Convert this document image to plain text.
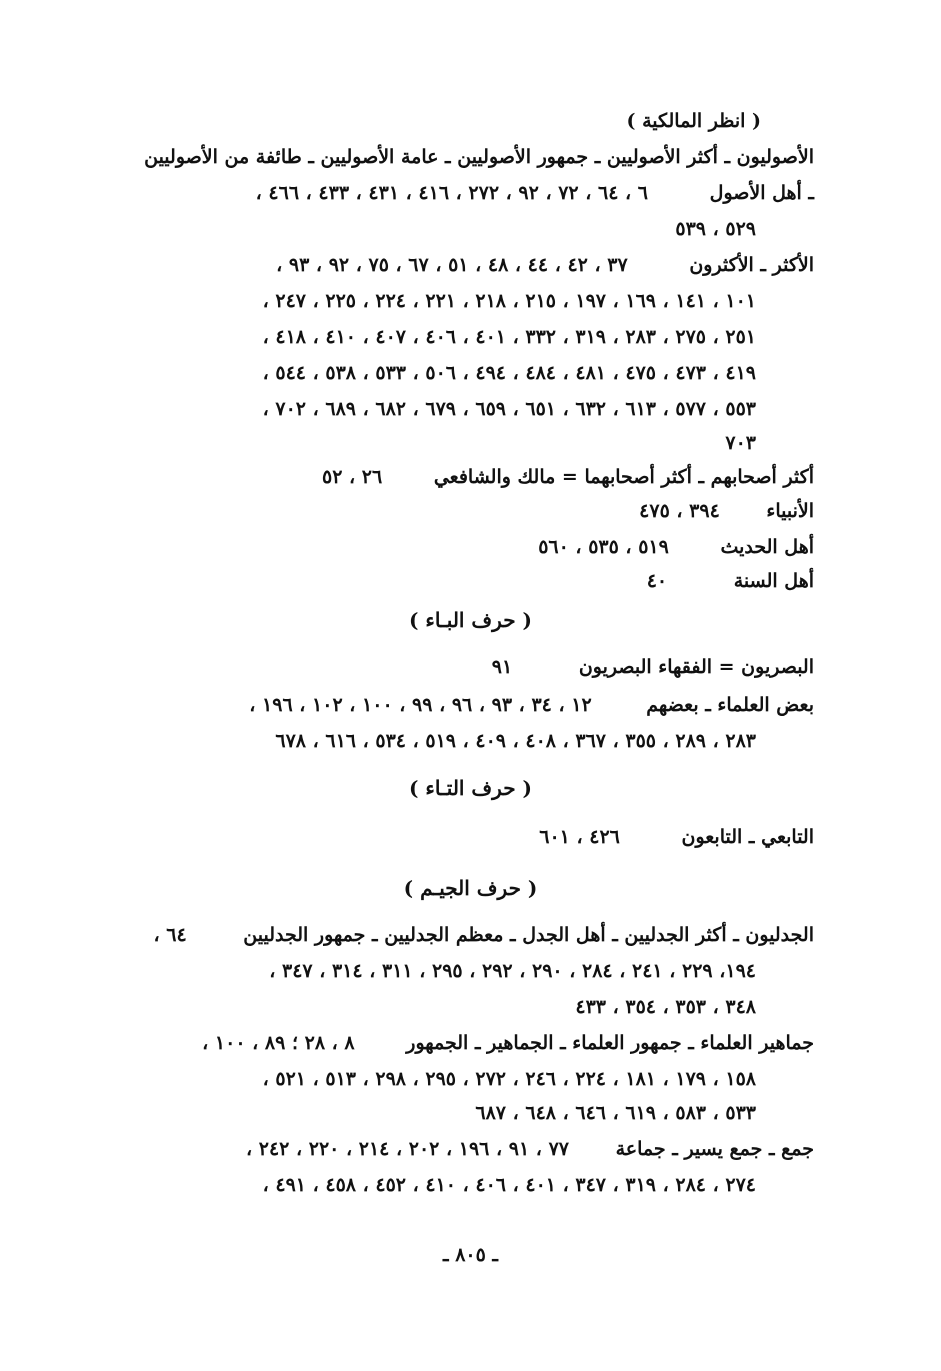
( انظر المالكية )
الأصوليون ـ أكثر الأصوليين ـ جمهور الأصوليين ـ عامة الأصوليين ـ طائفة من الأصوليين
ـ أهل الأصول ٦ ، ٦٤ ، ٧٢ ، ٩٢ ، ٢٧٢ ، ٤١٦ ، ٤٣١ ، ٤٣٣ ، ٤٦٦ ،
٥٢٩ ، ٥٣٩
الأكثر ـ الأكثرون ٣٧ ، ٤٢ ، ٤٤ ، ٤٨ ، ٥١ ، ٦٧ ، ٧٥ ، ٩٢ ، ٩٣ ،
١٠١ ، ١٤١ ، ١٦٩ ، ١٩٧ ، ٢١٥ ، ٢١٨ ، ٢٢١ ، ٢٢٤ ، ٢٢٥ ، ٢٤٧ ،
٢٥١ ، ٢٧٥ ، ٢٨٣ ، ٣١٩ ، ٣٣٢ ، ٤٠١ ، ٤٠٦ ، ٤٠٧ ، ٤١٠ ، ٤١٨ ،
٤١٩ ، ٤٧٣ ، ٤٧٥ ، ٤٨١ ، ٤٨٤ ، ٤٩٤ ، ٥٠٦ ، ٥٣٣ ، ٥٣٨ ، ٥٤٤ ،
٥٥٣ ، ٥٧٧ ، ٦١٣ ، ٦٣٢ ، ٦٥١ ، ٦٥٩ ، ٦٧٩ ، ٦٨٢ ، ٦٨٩ ، ٧٠٢ ،
٧٠٣
أكثر أصحابهم ـ أكثر أصحابهما = مالك والشافعي ٢٦ ، ٥٢
الأنبياء ٣٩٤ ، ٤٧٥
أهل الحديث ٥١٩ ، ٥٣٥ ، ٥٦٠
أهل السنة ٤٠
( حرف البـاء )
البصريون = الفقهاء البصريون ٩١
بعض العلماء ـ بعضهم ١٢ ، ٣٤ ، ٩٣ ، ٩٦ ، ٩٩ ، ١٠٠ ، ١٠٢ ، ١٩٦ ،
٢٨٣ ، ٢٨٩ ، ٣٥٥ ، ٣٦٧ ، ٤٠٨ ، ٤٠٩ ، ٥١٩ ، ٥٣٤ ، ٦١٦ ، ٦٧٨
( حرف التـاء )
التابعي ـ التابعون ٤٢٦ ، ٦٠١
( حرف الجيـم )
الجدليون ـ أكثر الجدليين ـ أهل الجدل ـ معظم الجدليين ـ جمهور الجدليين ٦٤ ،
١٩٤، ٢٢٩ ، ٢٤١ ، ٢٨٤ ، ٢٩٠ ، ٢٩٢ ، ٢٩٥ ، ٣١١ ، ٣١٤ ، ٣٤٧ ،
٣٤٨ ، ٣٥٣ ، ٣٥٤ ، ٤٣٣
جماهير العلماء ـ جمهور العلماء ـ الجماهير ـ الجمهور ٨ ، ٢٨ ؛ ٨٩ ، ١٠٠ ،
١٥٨ ، ١٧٩ ، ١٨١ ، ٢٢٤ ، ٢٤٦ ، ٢٧٢ ، ٢٩٥ ، ٢٩٨ ، ٥١٣ ، ٥٢١ ،
٥٣٣ ، ٥٨٣ ، ٦١٩ ، ٦٤٦ ، ٦٤٨ ، ٦٨٧
جمع ـ جمع يسير ـ جماعة ٧٧ ، ٩١ ، ١٩٦ ، ٢٠٢ ، ٢١٤ ، ٢٢٠ ، ٢٤٢ ،
٢٧٤ ، ٢٨٤ ، ٣١٩ ، ٣٤٧ ، ٤٠١ ، ٤٠٦ ، ٤١٠ ، ٤٥٢ ، ٤٥٨ ، ٤٩١ ،
ـ ٨٠٥ ـ
